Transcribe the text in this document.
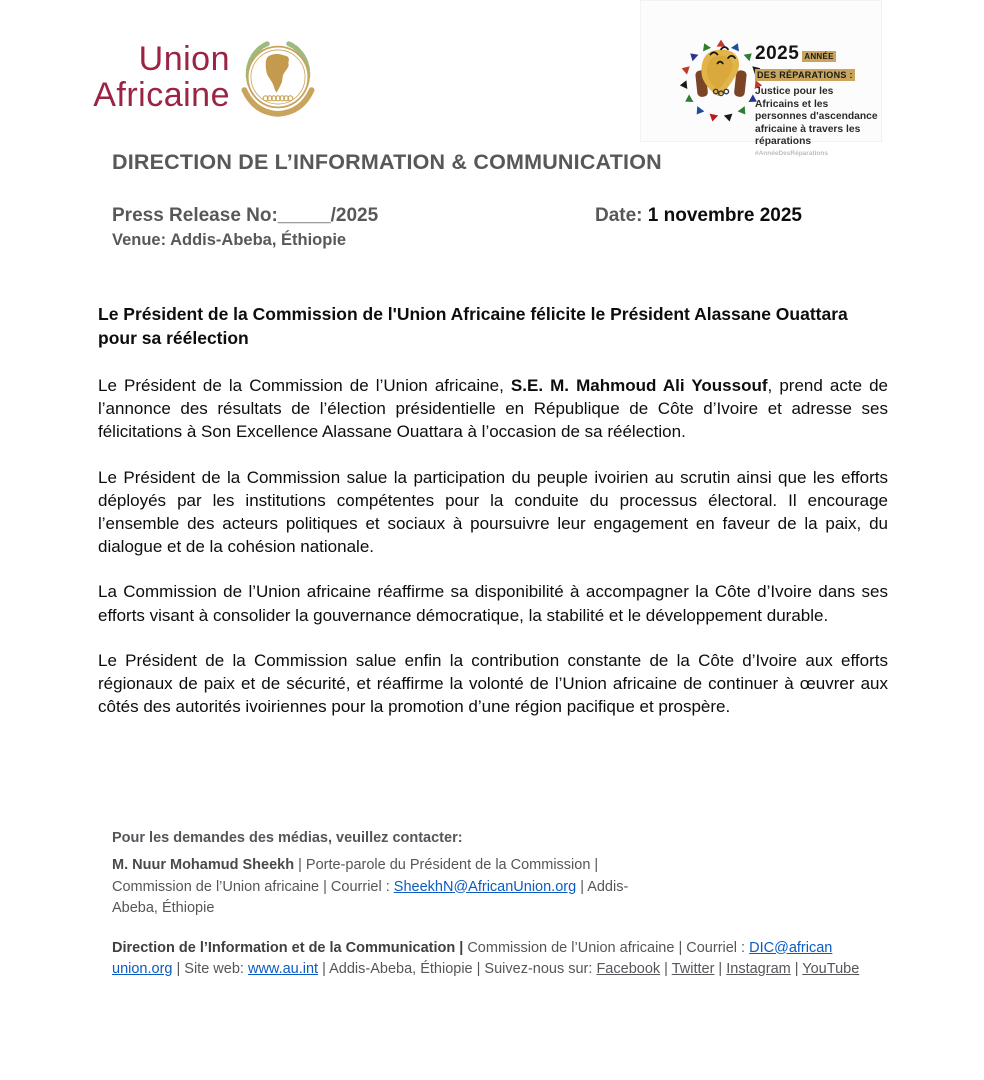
Union
Africaine
2025 ANNÉE
DES RÉPARATIONS :
Justice pour les Africains et les personnes d'ascendance africaine à travers les réparations
#AnnéeDesRéparations
DIRECTION DE L’INFORMATION & COMMUNICATION
Press Release No:_____/2025	Date: 1 novembre 2025
Venue: Addis-Abeba, Éthiopie
Le Président de la Commission de l'Union Africaine félicite le Président Alassane Ouattara pour sa réélection

Le Président de la Commission de l’Union africaine, S.E. M. Mahmoud Ali Youssouf, prend acte de l’annonce des résultats de l’élection présidentielle en République de Côte d’Ivoire et adresse ses félicitations à Son Excellence Alassane Ouattara à l’occasion de sa réélection.

Le Président de la Commission salue la participation du peuple ivoirien au scrutin ainsi que les efforts déployés par les institutions compétentes pour la conduite du processus électoral. Il encourage l’ensemble des acteurs politiques et sociaux à poursuivre leur engagement en faveur de la paix, du dialogue et de la cohésion nationale.

La Commission de l’Union africaine réaffirme sa disponibilité à accompagner la Côte d’Ivoire dans ses efforts visant à consolider la gouvernance démocratique, la stabilité et le développement durable.

Le Président de la Commission salue enfin la contribution constante de la Côte d’Ivoire aux efforts régionaux de paix et de sécurité, et réaffirme la volonté de l’Union africaine de continuer à œuvrer aux côtés des autorités ivoiriennes pour la promotion d’une région pacifique et prospère.

Pour les demandes des médias, veuillez contacter:
M. Nuur Mohamud Sheekh | Porte-parole du Président de la Commission | Commission de l’Union africaine | Courriel : SheekhN@AfricanUnion.org | Addis-Abeba, Éthiopie
Direction de l’Information et de la Communication | Commission de l’Union africaine | Courriel : DIC@african union.org | Site web: www.au.int | Addis-Abeba, Éthiopie | Suivez-nous sur: Facebook | Twitter | Instagram | YouTube
